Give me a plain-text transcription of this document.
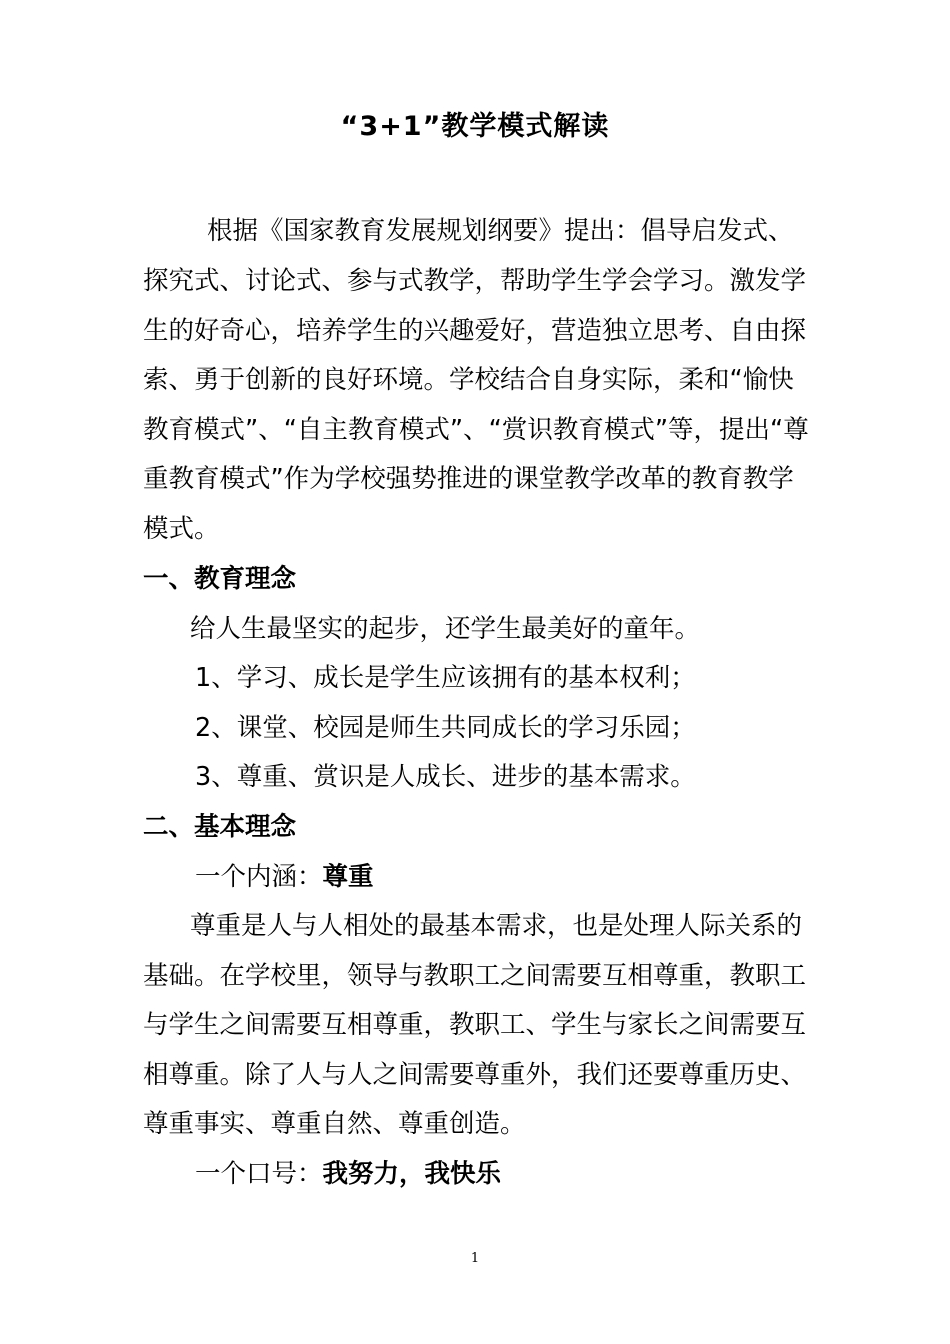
“3+1”教学模式解读
根据《国家教育发展规划纲要》提出：倡导启发式、
探究式、讨论式、参与式教学，帮助学生学会学习。激发学
生的好奇心，培养学生的兴趣爱好，营造独立思考、自由探
索、勇于创新的良好环境。学校结合自身实际，柔和“愉快
教育模式”、“自主教育模式”、“赏识教育模式”等，提出“尊
重教育模式”作为学校强势推进的课堂教学改革的教育教学
模式。
一、教育理念
给人生最坚实的起步，还学生最美好的童年。
1、学习、成长是学生应该拥有的基本权利；
2、课堂、校园是师生共同成长的学习乐园；
3、尊重、赏识是人成长、进步的基本需求。
二、基本理念
一个内涵：尊重
尊重是人与人相处的最基本需求，也是处理人际关系的
基础。在学校里，领导与教职工之间需要互相尊重，教职工
与学生之间需要互相尊重，教职工、学生与家长之间需要互
相尊重。除了人与人之间需要尊重外，我们还要尊重历史、
尊重事实、尊重自然、尊重创造。
一个口号：我努力，我快乐
1
